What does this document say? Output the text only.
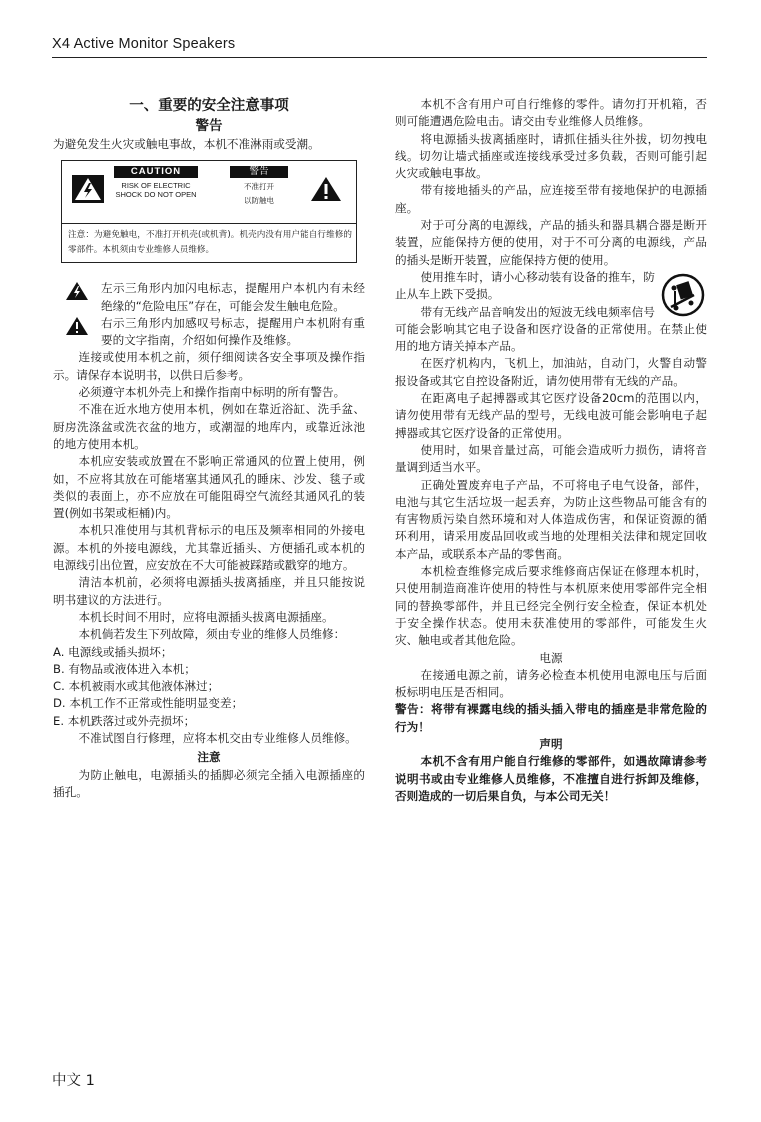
X4 Active Monitor Speakers
一、重要的安全注意事项
警告

为避免发生火灾或触电事故，本机不准淋雨或受潮。

CAUTION
RISK OF ELECTRIC SHOCK DO NOT OPEN
警告
不准打开
以防触电
注意：为避免触电，不准打开机壳(或机背)。机壳内没有用户能自行维修的零部件。本机须由专业维修人员维修。

左示三角形内加闪电标志，提醒用户本机内有未经绝缘的“危险电压”存在，可能会发生触电危险。

右示三角形内加感叹号标志，提醒用户本机附有重要的文字指南，介绍如何操作及维修。

连接或使用本机之前，须仔细阅读各安全事项及操作指示。请保存本说明书，以供日后参考。

必须遵守本机外壳上和操作指南中标明的所有警告。

不准在近水地方使用本机，例如在靠近浴缸、洗手盆、厨房洗涤盆或洗衣盆的地方，或潮湿的地库内，或靠近泳池的地方使用本机。

本机应安装或放置在不影响正常通风的位置上使用，例如，不应将其放在可能堵塞其通风孔的睡床、沙发、毯子或类似的表面上，亦不应放在可能阻碍空气流经其通风孔的装置(例如书架或柜桶)内。

本机只准使用与其机背标示的电压及频率相同的外接电源。本机的外接电源线，尤其靠近插头、方便插孔或本机的电源线引出位置，应安放在不大可能被踩踏或戳穿的地方。

清洁本机前，必须将电源插头拔离插座，并且只能按说明书建议的方法进行。

本机长时间不用时，应将电源插头拔离电源插座。

本机倘若发生下列故障，须由专业的维修人员维修：

A. 电源线或插头损坏；

B. 有物品或液体进入本机；

C. 本机被雨水或其他液体淋过；

D. 本机工作不正常或性能明显变差；

E. 本机跌落过或外壳损坏；

不准试图自行修理，应将本机交由专业维修人员维修。

注意

为防止触电，电源插头的插脚必须完全插入电源插座的插孔。

本机不含有用户可自行维修的零件。请勿打开机箱，否则可能遭遇危险电击。请交由专业维修人员维修。

将电源插头拔离插座时，请抓住插头往外拔，切勿拽电线。切勿让墙式插座或连接线承受过多负载，否则可能引起火灾或触电事故。

带有接地插头的产品，应连接至带有接地保护的电源插座。

对于可分离的电源线，产品的插头和器具耦合器是断开装置，应能保持方便的使用，对于不可分离的电源线，产品的插头是断开装置，应能保持方便的使用。

使用推车时，请小心移动装有设备的推车，防止从车上跌下受损。

带有无线产品音响发出的短波无线电频率信号可能会影响其它电子设备和医疗设备的正常使用。在禁止使用的地方请关掉本产品。

在医疗机构内，飞机上，加油站，自动门，火警自动警报设备或其它自控设备附近，请勿使用带有无线的产品。

在距离电子起搏器或其它医疗设备20cm的范围以内，请勿使用带有无线产品的型号，无线电波可能会影响电子起搏器或其它医疗设备的正常使用。

使用时，如果音量过高，可能会造成听力损伤，请将音量调到适当水平。

正确处置废弃电子产品，不可将电子电气设备，部件，电池与其它生活垃圾一起丢弃，为防止这些物品可能含有的有害物质污染自然环境和对人体造成伤害，和保证资源的循环利用，请采用废品回收或当地的处理相关法律和规定回收本产品，或联系本产品的零售商。

本机检查维修完成后要求维修商店保证在修理本机时，只使用制造商准许使用的特性与本机原来使用零部件完全相同的替换零部件，并且已经完全例行安全检查，保证本机处于安全操作状态。使用未获准使用的零部件，可能发生火灾、触电或者其他危险。

电源

在接通电源之前，请务必检查本机使用电源电压与后面板标明电压是否相同。

警告：将带有裸露电线的插头插入带电的插座是非常危险的行为！

声明

本机不含有用户能自行维修的零部件，如遇故障请参考说明书或由专业维修人员维修，不准擅自进行拆卸及维修，否则造成的一切后果自负，与本公司无关！

中文 1
